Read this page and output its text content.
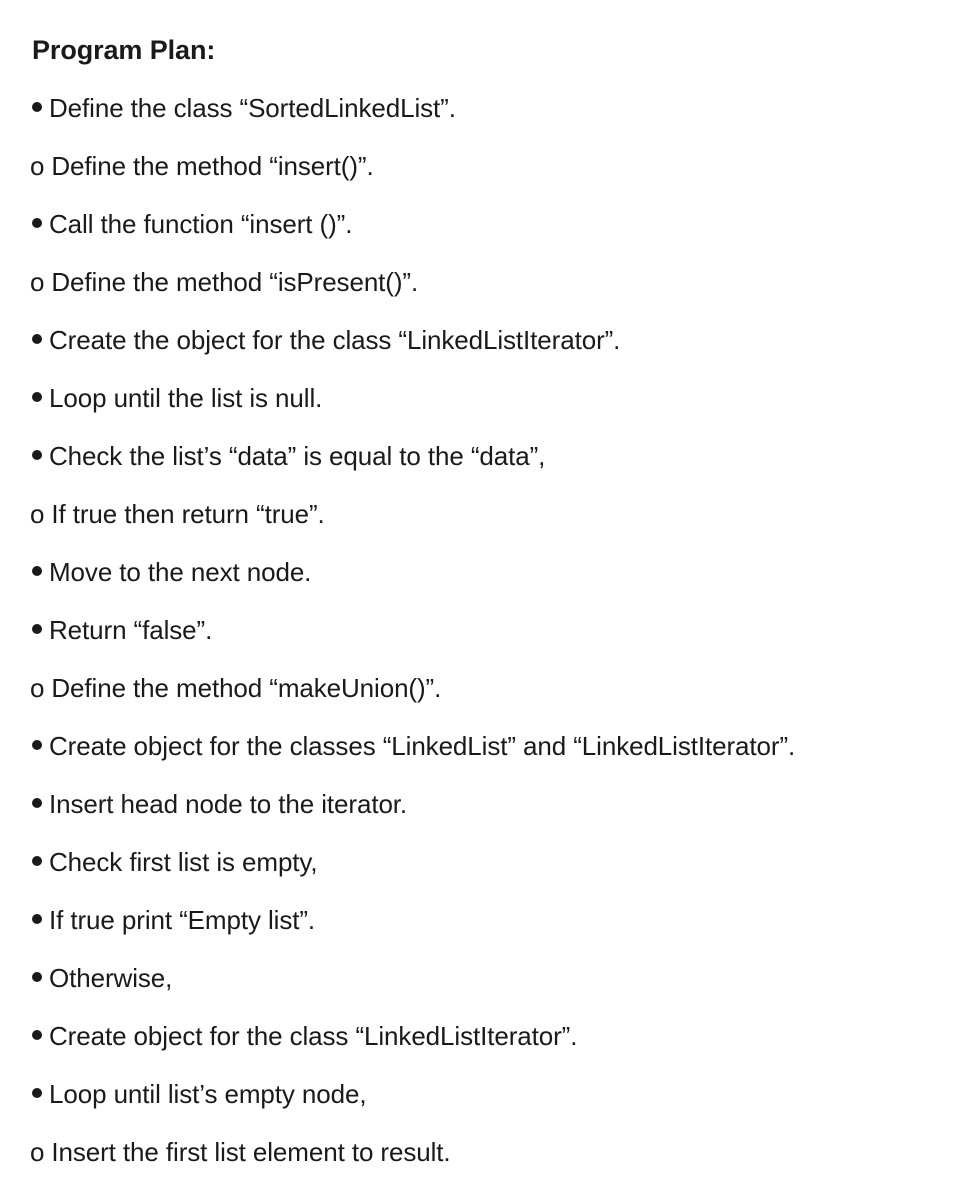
Program Plan:
Define the class “SortedLinkedList”.
o Define the method “insert()”.
Call the function “insert ()”.
o Define the method “isPresent()”.
Create the object for the class “LinkedListIterator”.
Loop until the list is null.
Check the list’s “data” is equal to the “data”,
o If true then return “true”.
Move to the next node.
Return “false”.
o Define the method “makeUnion()”.
Create object for the classes “LinkedList” and “LinkedListIterator”.
Insert head node to the iterator.
Check first list is empty,
If true print “Empty list”.
Otherwise,
Create object for the class “LinkedListIterator”.
Loop until list’s empty node,
o Insert the first list element to result.
